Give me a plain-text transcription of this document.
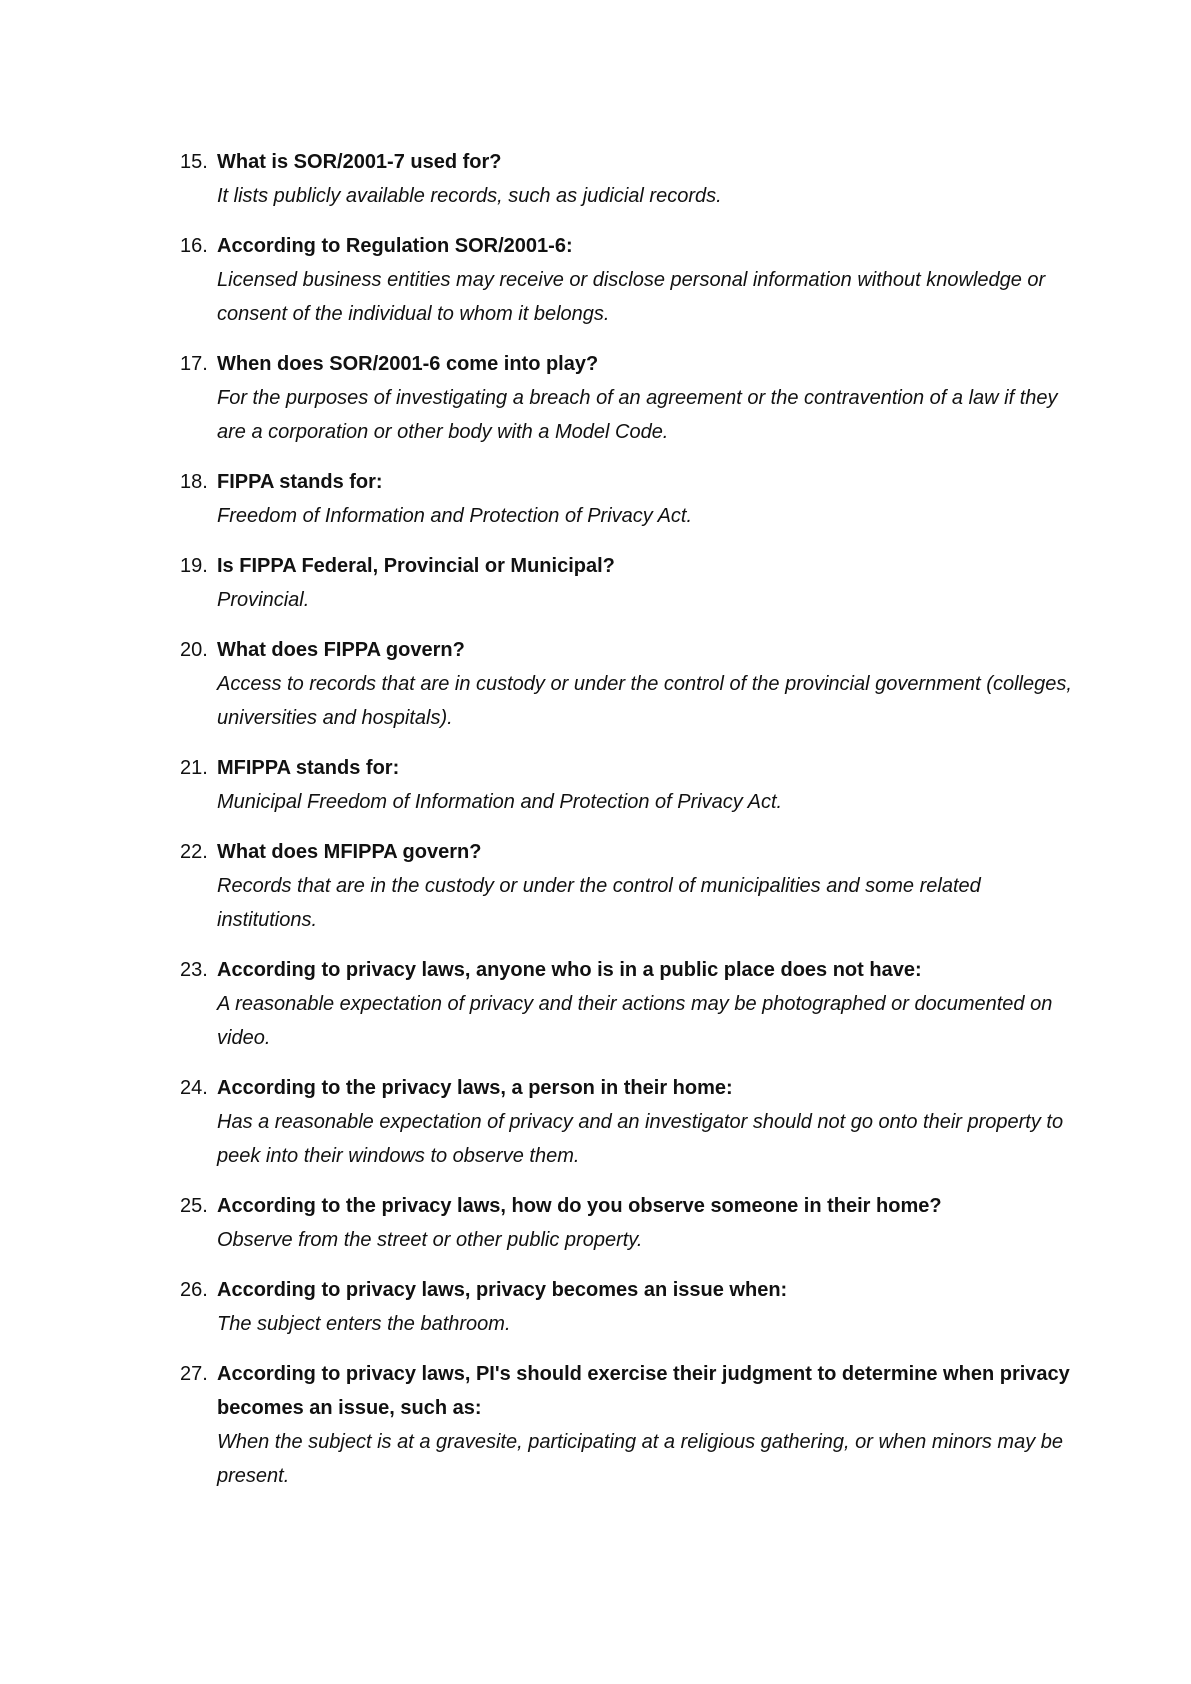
15. What is SOR/2001-7 used for?
It lists publicly available records, such as judicial records.
16. According to Regulation SOR/2001-6:
Licensed business entities may receive or disclose personal information without knowledge or consent of the individual to whom it belongs.
17. When does SOR/2001-6 come into play?
For the purposes of investigating a breach of an agreement or the contravention of a law if they are a corporation or other body with a Model Code.
18. FIPPA stands for:
Freedom of Information and Protection of Privacy Act.
19. Is FIPPA Federal, Provincial or Municipal?
Provincial.
20. What does FIPPA govern?
Access to records that are in custody or under the control of the provincial government (colleges, universities and hospitals).
21. MFIPPA stands for:
Municipal Freedom of Information and Protection of Privacy Act.
22. What does MFIPPA govern?
Records that are in the custody or under the control of municipalities and some related institutions.
23. According to privacy laws, anyone who is in a public place does not have:
A reasonable expectation of privacy and their actions may be photographed or documented on video.
24. According to the privacy laws, a person in their home:
Has a reasonable expectation of privacy and an investigator should not go onto their property to peek into their windows to observe them.
25. According to the privacy laws, how do you observe someone in their home?
Observe from the street or other public property.
26. According to privacy laws, privacy becomes an issue when:
The subject enters the bathroom.
27. According to privacy laws, PI's should exercise their judgment to determine when privacy becomes an issue, such as:
When the subject is at a gravesite, participating at a religious gathering, or when minors may be present.
